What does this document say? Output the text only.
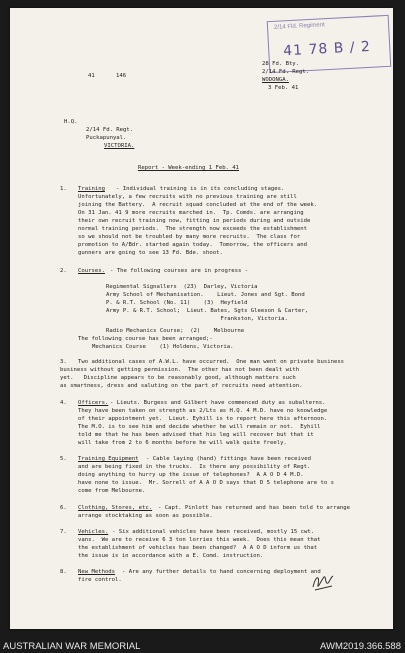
2/14 Fld. Regiment
41 78 B / 2
41	146
28 Fd. Bty.
2/14 Fd. Regt.
WODONGA.
3 Feb. 41
H.Q.
2/14 Fd. Regt.
Puckapunyal.
VICTORIA.
Report - Week-ending 1 Feb. 41
1. Training - Individual training is in its concluding stages.
Unfortunately, a few recruits with no previous training are still
joining the Battery.  A recruit squad concluded at the end of the week.
On 31 Jan. 41 9 more recruits marched in.  Tp. Comds. are arranging
their own recruit training now, fitting in periods during and outside
normal training periods.  The strength now exceeds the establishment
so we should not be troubled by many more recruits.  The class for
promotion to A/Bdr. started again today.  Tomorrow, the officers and
gunners are going to see 13 Fd. Bde. shoot.
2. Courses. - The following courses are in progress -
Regimental Signallers  (23)  Darley, Victoria
Army School of Mechanisation.    Lieut. Jones and Sgt. Bond
P. & R.T. School (No. 11)    (3)  Heyfield
Army P. & R.T. School;  Lieut. Bates, Sgts Gleeson & Carter,
Frankston, Victoria.
Radio Mechanics Course;  (2)    Melbourne
The following course has been arranged;-
Mechanics Course    (1) Holdens, Victoria.
3. Two additional cases of A.W.L. have occurred.  One man went on private business
business without getting permission.  The other has not been dealt with
yet.   Discipline appears to be reasonably good, although matters such
as smartness, dress and saluting on the part of recruits need attention.
4. Officers. - Lieuts. Burgess and Gilbert have commenced duty as subalterns.
They have been taken on strength as 2/Lts as H.Q. 4 M.D. have no knowledge
of their appointment yet.  Lieut. Eyhill is to report here this afternoon.
The M.O. is to see him and decide whether he will remain or not.  Eyhill
told me that he has been advised that his leg will recover but that it
will take from 2 to 6 months before he will walk quite freely.
5. Training Equipment - Cable laying (hand) fittings have been received
and are being fixed in the trucks.  Is there any possibility of Regt.
doing anything to hurry up the issue of telephones?  A A O D 4 M.D.
have none to issue.  Mr. Sorrell of A A O D says that D 5 telephone are to s
come from Melbourne.
6. Clothing, Stores, etc. - Capt. Pinlott has returned and has been told to arrange
arrange stocktaking as soon as possible.
7. Vehicles. - Six additional vehicles have been received, mostly 15 cwt.
vans.  We are to receive 6 3 ton lorries this week.  Does this mean that
the establishment of vehicles has been changed?  A A O D inform us that
the issue is in accordance with a E. Comd. instruction.
8. New Methods - Are any further details to hand concerning deployment and
fire control.
AUSTRALIAN WAR MEMORIAL	AWM2019.366.588
